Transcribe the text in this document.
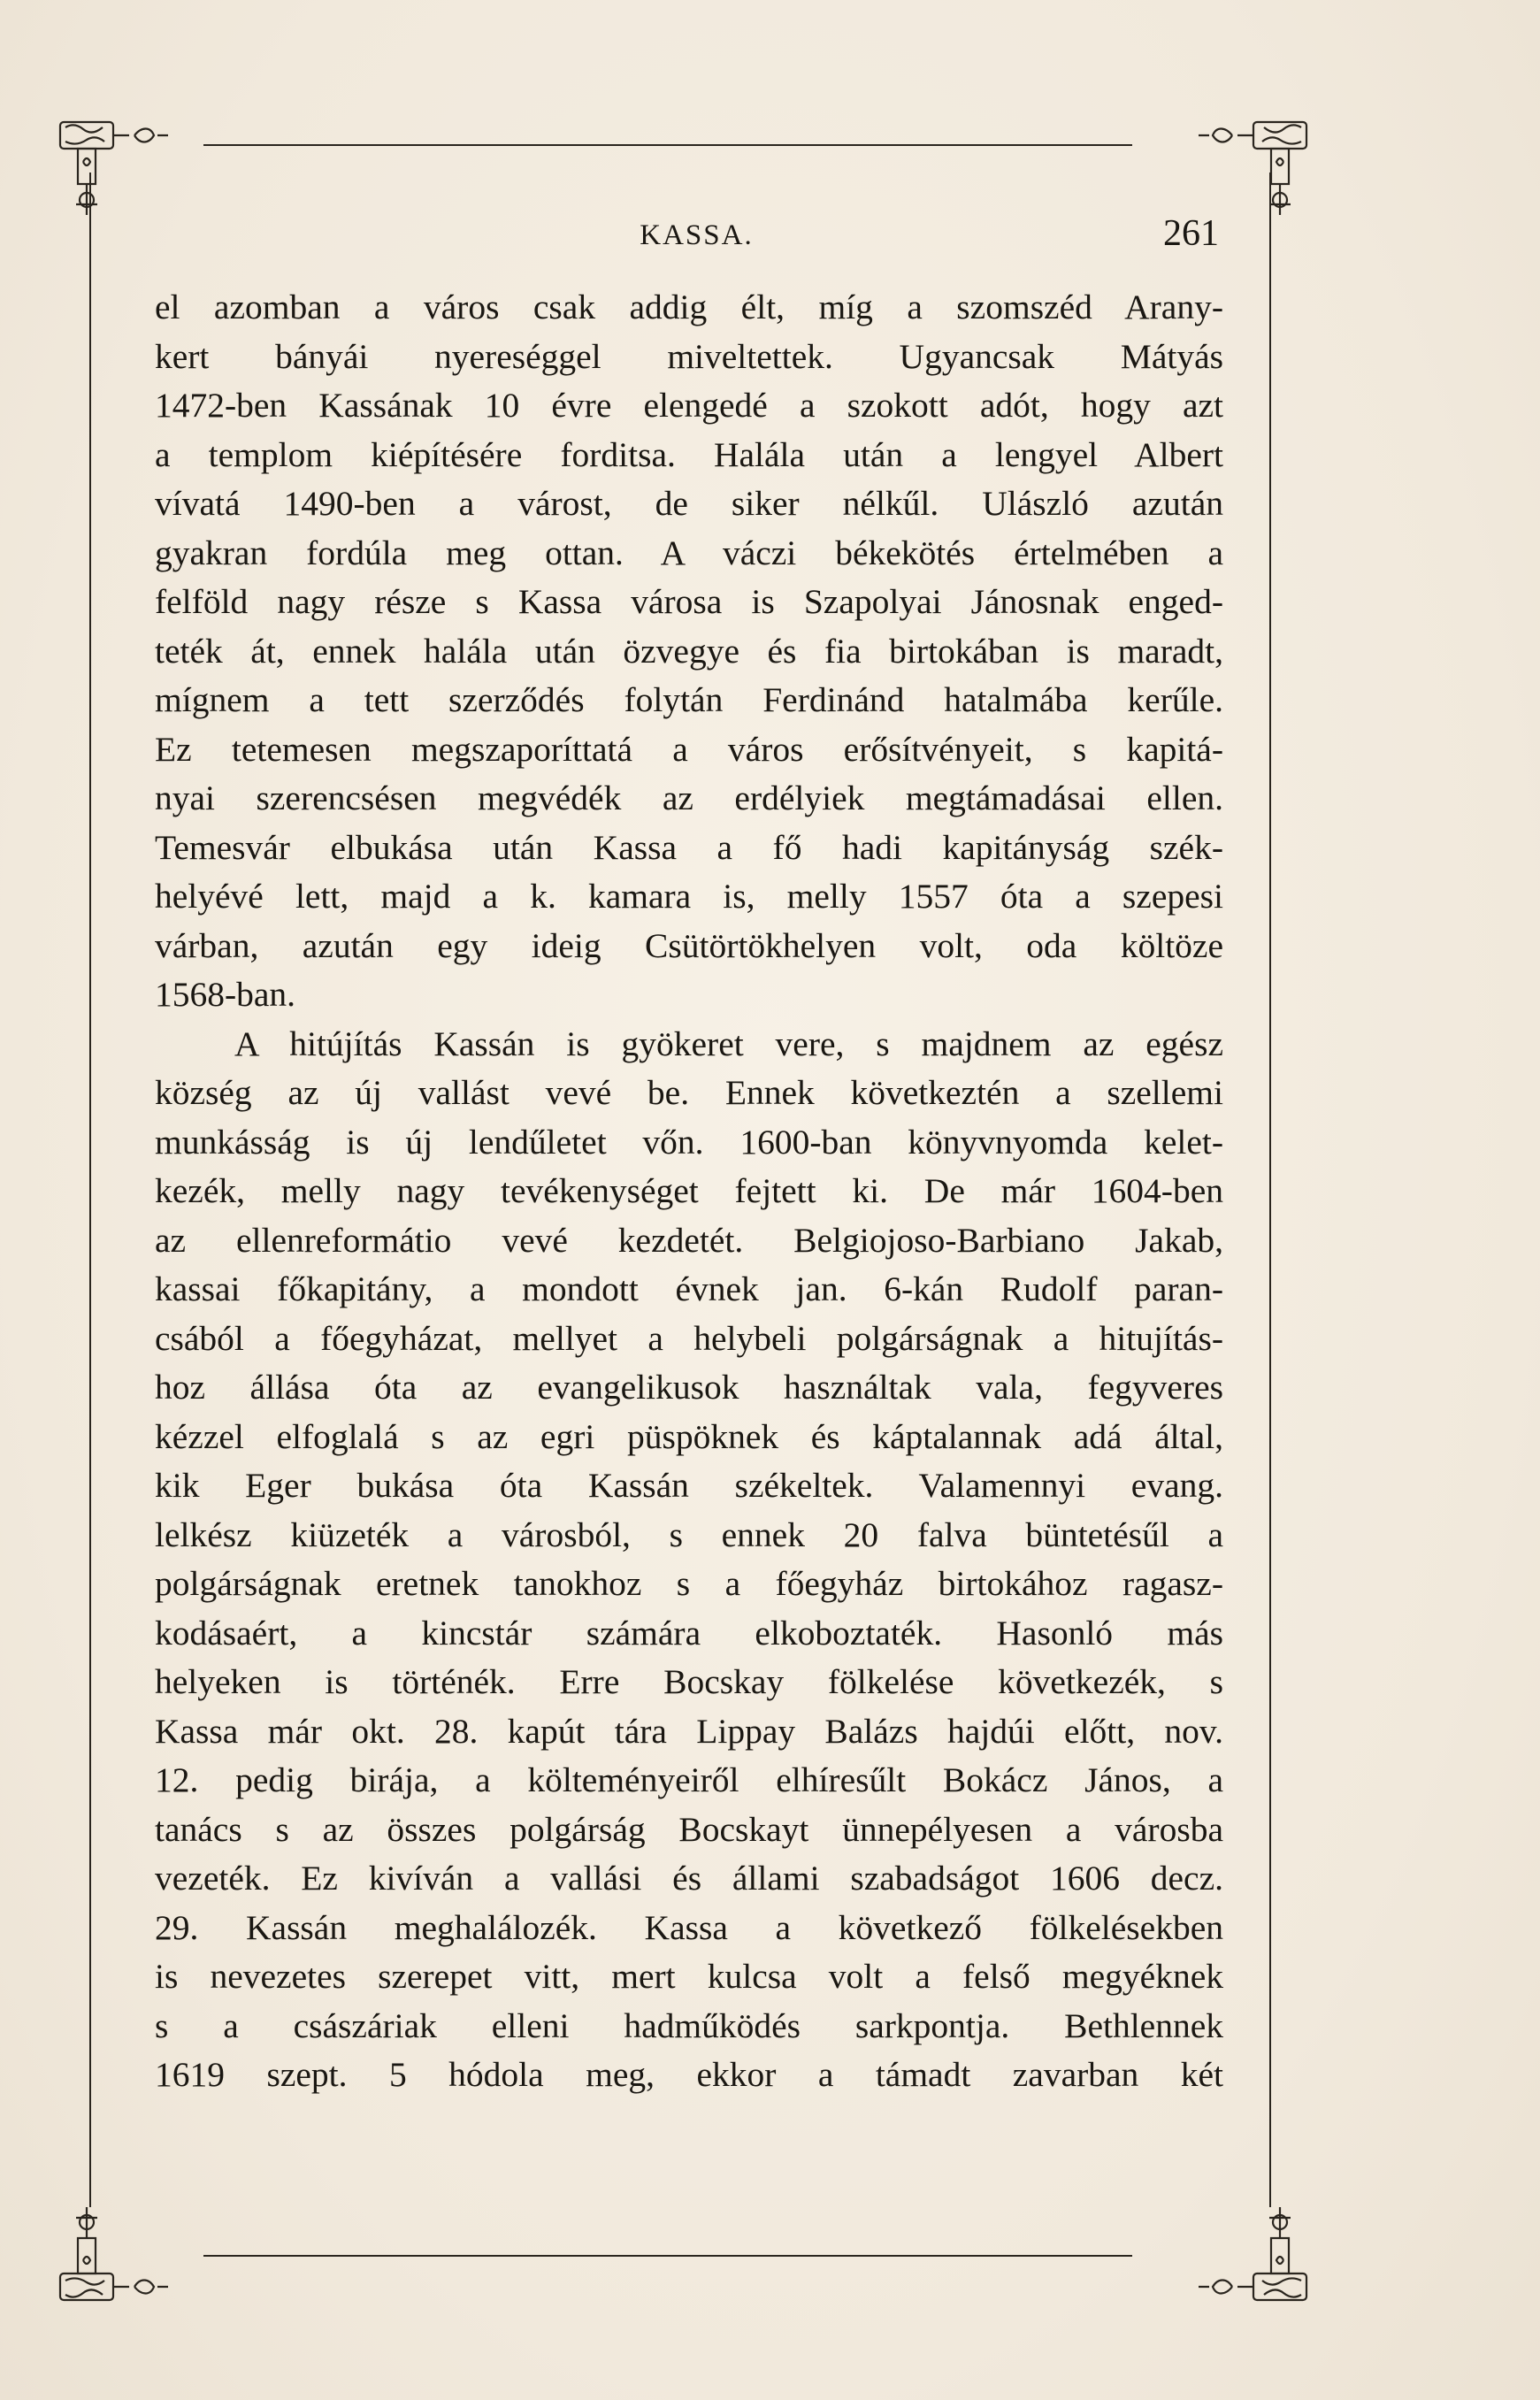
KASSA.	261
el azomban a város csak addig élt, míg a szomszéd Arany-
kert bányái nyereséggel miveltettek. Ugyancsak Mátyás
1472-ben Kassának 10 évre elengedé a szokott adót, hogy azt
a templom kiépítésére forditsa. Halála után a lengyel Albert
vívatá 1490-ben a várost, de siker nélkűl. Ulászló azután
gyakran fordúla meg ottan. A váczi békekötés értelmében a
felföld nagy része s Kassa városa is Szapolyai Jánosnak enged-
teték át, ennek halála után özvegye és fia birtokában is maradt,
mígnem a tett szerződés folytán Ferdinánd hatalmába kerűle.
Ez tetemesen megszaporíttatá a város erősítvényeit, s kapitá-
nyai szerencsésen megvédék az erdélyiek megtámadásai ellen.
Temesvár elbukása után Kassa a fő hadi kapitányság szék-
helyévé lett, majd a k. kamara is, melly 1557 óta a szepesi
várban, azután egy ideig Csütörtökhelyen volt, oda költöze
1568-ban.
A hitújítás Kassán is gyökeret vere, s majdnem az egész
község az új vallást vevé be. Ennek következtén a szellemi
munkásság is új lendűletet vőn. 1600-ban könyvnyomda kelet-
kezék, melly nagy tevékenységet fejtett ki. De már 1604-ben
az ellenreformátio vevé kezdetét. Belgiojoso-Barbiano Jakab,
kassai főkapitány, a mondott évnek jan. 6-kán Rudolf paran-
csából a főegyházat, mellyet a helybeli polgárságnak a hitujítás-
hoz állása óta az evangelikusok használtak vala, fegyveres
kézzel elfoglalá s az egri püspöknek és káptalannak adá által,
kik Eger bukása óta Kassán székeltek. Valamennyi evang.
lelkész kiüzeték a városból, s ennek 20 falva büntetésűl a
polgárságnak eretnek tanokhoz s a főegyház birtokához ragasz-
kodásaért, a kincstár számára elkoboztaték. Hasonló más
helyeken is történék. Erre Bocskay fölkelése következék, s
Kassa már okt. 28. kapút tára Lippay Balázs hajdúi előtt, nov.
12. pedig birája, a költeményeiről elhíresűlt Bokácz János, a
tanács s az összes polgárság Bocskayt ünnepélyesen a városba
vezeték. Ez kivíván a vallási és állami szabadságot 1606 decz.
29. Kassán meghalálozék. Kassa a következő fölkelésekben
is nevezetes szerepet vitt, mert kulcsa volt a felső megyéknek
s a császáriak elleni hadműködés sarkpontja. Bethlennek
1619 szept. 5 hódola meg, ekkor a támadt zavarban két
